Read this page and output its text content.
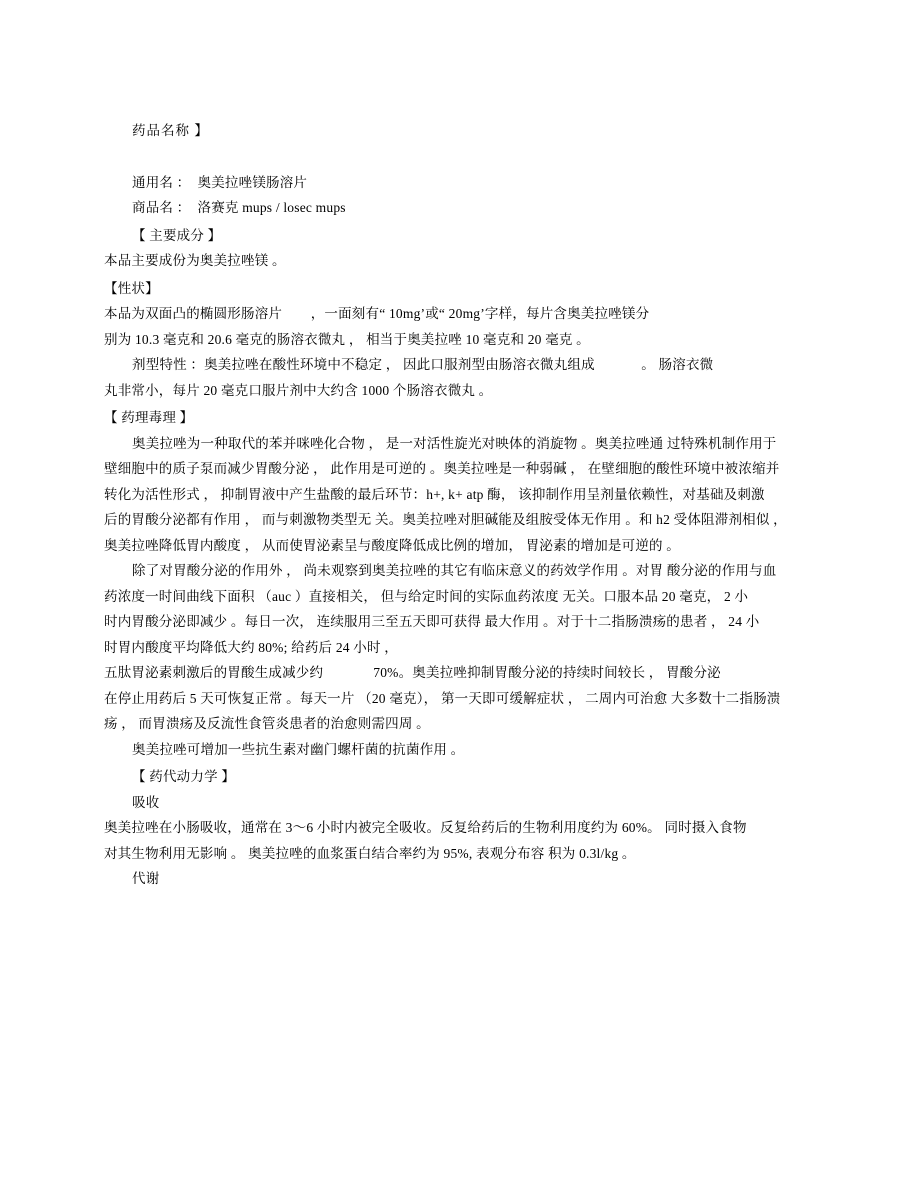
药品名称 】
通用名 ：  奥美拉唑镁肠溶片
商品名 ：  洛赛克 mups / losec mups
【 主要成分 】
本品主要成份为奥美拉唑镁 。
【性状】
本品为双面凸的椭圆形肠溶片        ，一面刻有“ 10mg’或“ 20mg’字样，每片含奥美拉唑镁分
别为 10.3 毫克和 20.6 毫克的肠溶衣微丸 ， 相当于奥美拉唑 10 毫克和 20 毫克 。
剂型特性 ：奥美拉唑在酸性环境中不稳定 ， 因此口服剂型由肠溶衣微丸组成             。 肠溶衣微
丸非常小，每片 20 毫克口服片剂中大约含 1000 个肠溶衣微丸 。
【 药理毒理 】
奥美拉唑为一种取代的苯并咪唑化合物 ， 是一对活性旋光对映体的消旋物 。奥美拉唑通 过特殊机制作用于
壁细胞中的质子泵而减少胃酸分泌 ， 此作用是可逆的 。奥美拉唑是一种弱碱 ， 在壁细胞的酸性环境中被浓缩并
转化为活性形式 ， 抑制胃液中产生盐酸的最后环节：h+, k+ atp 酶， 该抑制作用呈剂量依赖性，对基础及刺激
后的胃酸分泌都有作用 ， 而与刺激物类型无 关。奥美拉唑对胆碱能及组胺受体无作用 。和 h2 受体阻滞剂相似 ，
奥美拉唑降低胃内酸度 ， 从而使胃泌素呈与酸度降低成比例的增加， 胃泌素的增加是可逆的 。
除了对胃酸分泌的作用外 ， 尚未观察到奥美拉唑的其它有临床意义的药效学作用 。对胃 酸分泌的作用与血
药浓度一时间曲线下面积 （auc ）直接相关， 但与给定时间的实际血药浓度 无关。口服本品 20 毫克， 2 小
时内胃酸分泌即减少 。每日一次， 连续服用三至五天即可获得 最大作用 。对于十二指肠溃疡的患者 ， 24 小
时胃内酸度平均降低大约 80%; 给药后 24 小时 ，
五肽胃泌素刺激后的胃酸生成减少约              70%。奥美拉唑抑制胃酸分泌的持续时间较长 ， 胃酸分泌
在停止用药后 5 天可恢复正常 。每天一片 （20 毫克）， 第一天即可缓解症状 ， 二周内可治愈 大多数十二指肠溃
疡 ， 而胃溃疡及反流性食管炎患者的治愈则需四周 。
奥美拉唑可增加一些抗生素对幽门螺杆菌的抗菌作用 。
【 药代动力学 】
吸收
奥美拉唑在小肠吸收，通常在 3～6 小时内被完全吸收。反复给药后的生物利用度约为 60%。 同时摄入食物
对其生物利用无影响 。 奥美拉唑的血浆蛋白结合率约为 95%, 表观分布容 积为 0.3l/kg 。
代谢
